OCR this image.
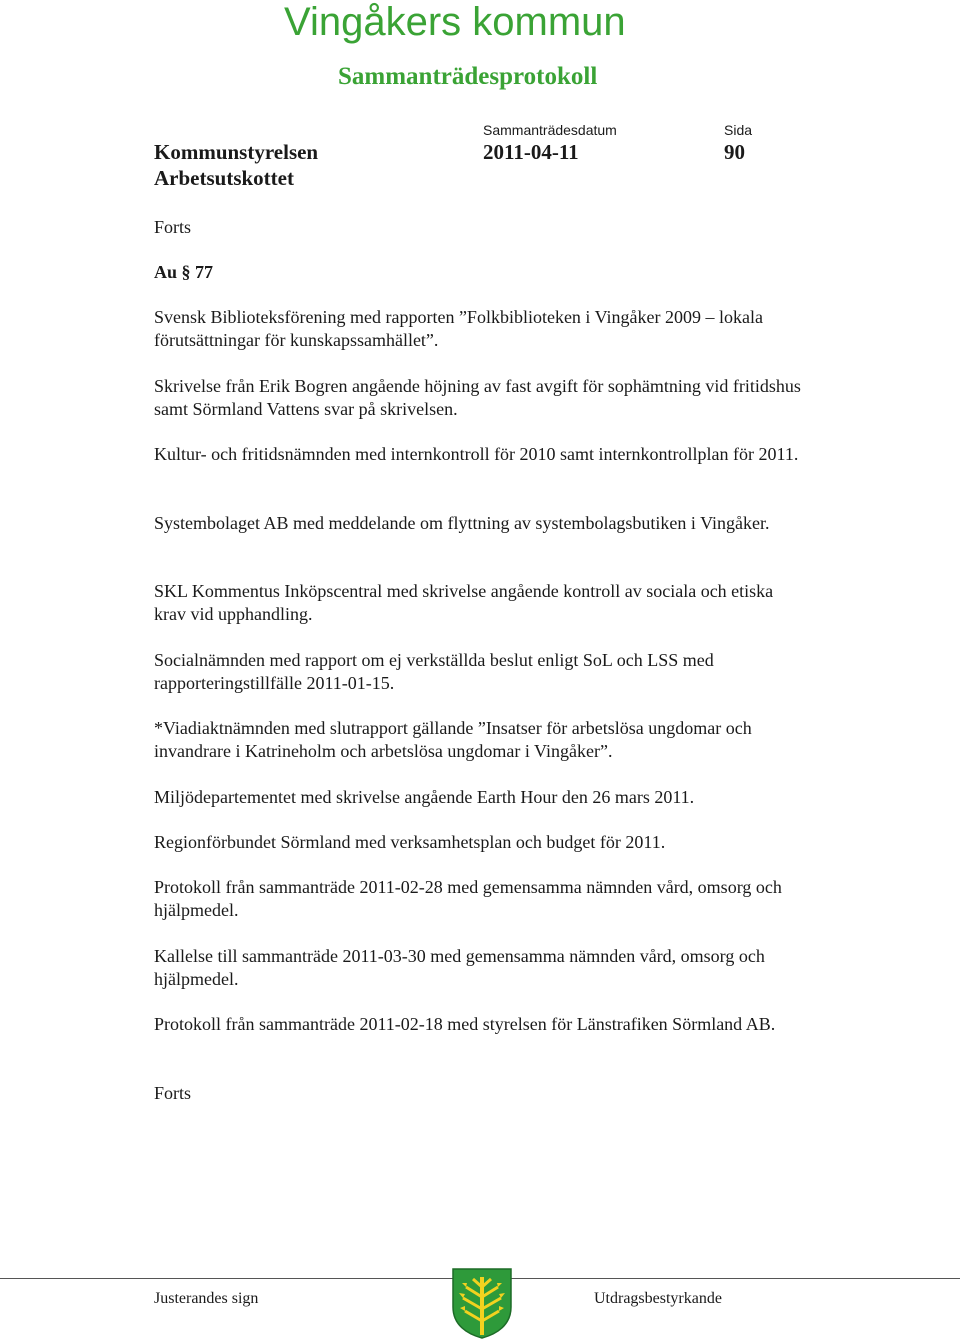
Vingåkers kommun
Sammanträdesprotokoll
Kommunstyrelsen
Arbetsutskottet
Sammanträdesdatum
2011-04-11
Sida
90
Forts
Au § 77
Svensk Biblioteksförening med rapporten ”Folkbiblioteken i Vingåker 2009 – lokala förutsättningar för kunskapssamhället”.
Skrivelse från Erik Bogren angående höjning av fast avgift för sophämtning vid fritidshus samt Sörmland Vattens svar på skrivelsen.
Kultur- och fritidsnämnden med internkontroll för 2010 samt internkontrollplan för 2011.
Systembolaget AB med meddelande om flyttning av systembolagsbutiken i Vingåker.
SKL Kommentus Inköpscentral med skrivelse angående kontroll av sociala och etiska krav vid upphandling.
Socialnämnden med rapport om ej verkställda beslut enligt SoL och LSS med rapporteringstillfälle 2011-01-15.
*Viadiaktnämnden med slutrapport gällande ”Insatser för arbetslösa ungdomar och invandrare i Katrineholm och arbetslösa ungdomar i Vingåker”.
Miljödepartementet med skrivelse angående Earth Hour den 26 mars 2011.
Regionförbundet Sörmland med verksamhetsplan och budget för 2011.
Protokoll från sammanträde 2011-02-28 med gemensamma nämnden vård, omsorg och hjälpmedel.
Kallelse till sammanträde 2011-03-30 med gemensamma nämnden vård, omsorg och hjälpmedel.
Protokoll från sammanträde 2011-02-18 med styrelsen för Länstrafiken Sörmland AB.
Forts
Justerandes sign	Utdragsbestyrkande
